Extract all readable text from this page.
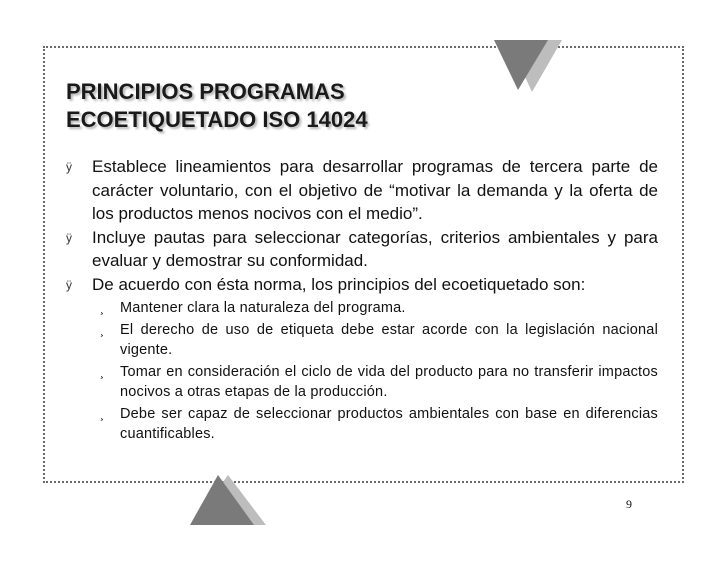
PRINCIPIOS PROGRAMAS
ECOETIQUETADO ISO 14024
ÿ Establece lineamientos para desarrollar programas de tercera parte de carácter voluntario, con el objetivo de “motivar la demanda y la oferta de los productos menos nocivos con el medio”.
ÿ Incluye pautas para seleccionar categorías, criterios ambientales y para evaluar y demostrar su conformidad.
ÿ De acuerdo con ésta norma, los principios del ecoetiquetado son:
¸ Mantener clara la naturaleza del programa.
¸ El derecho de uso de etiqueta debe estar acorde con la legislación nacional vigente.
¸ Tomar en consideración el ciclo de vida del producto para no transferir impactos nocivos a otras etapas de la producción.
¸ Debe ser capaz de seleccionar productos ambientales con base en diferencias cuantificables.
9
